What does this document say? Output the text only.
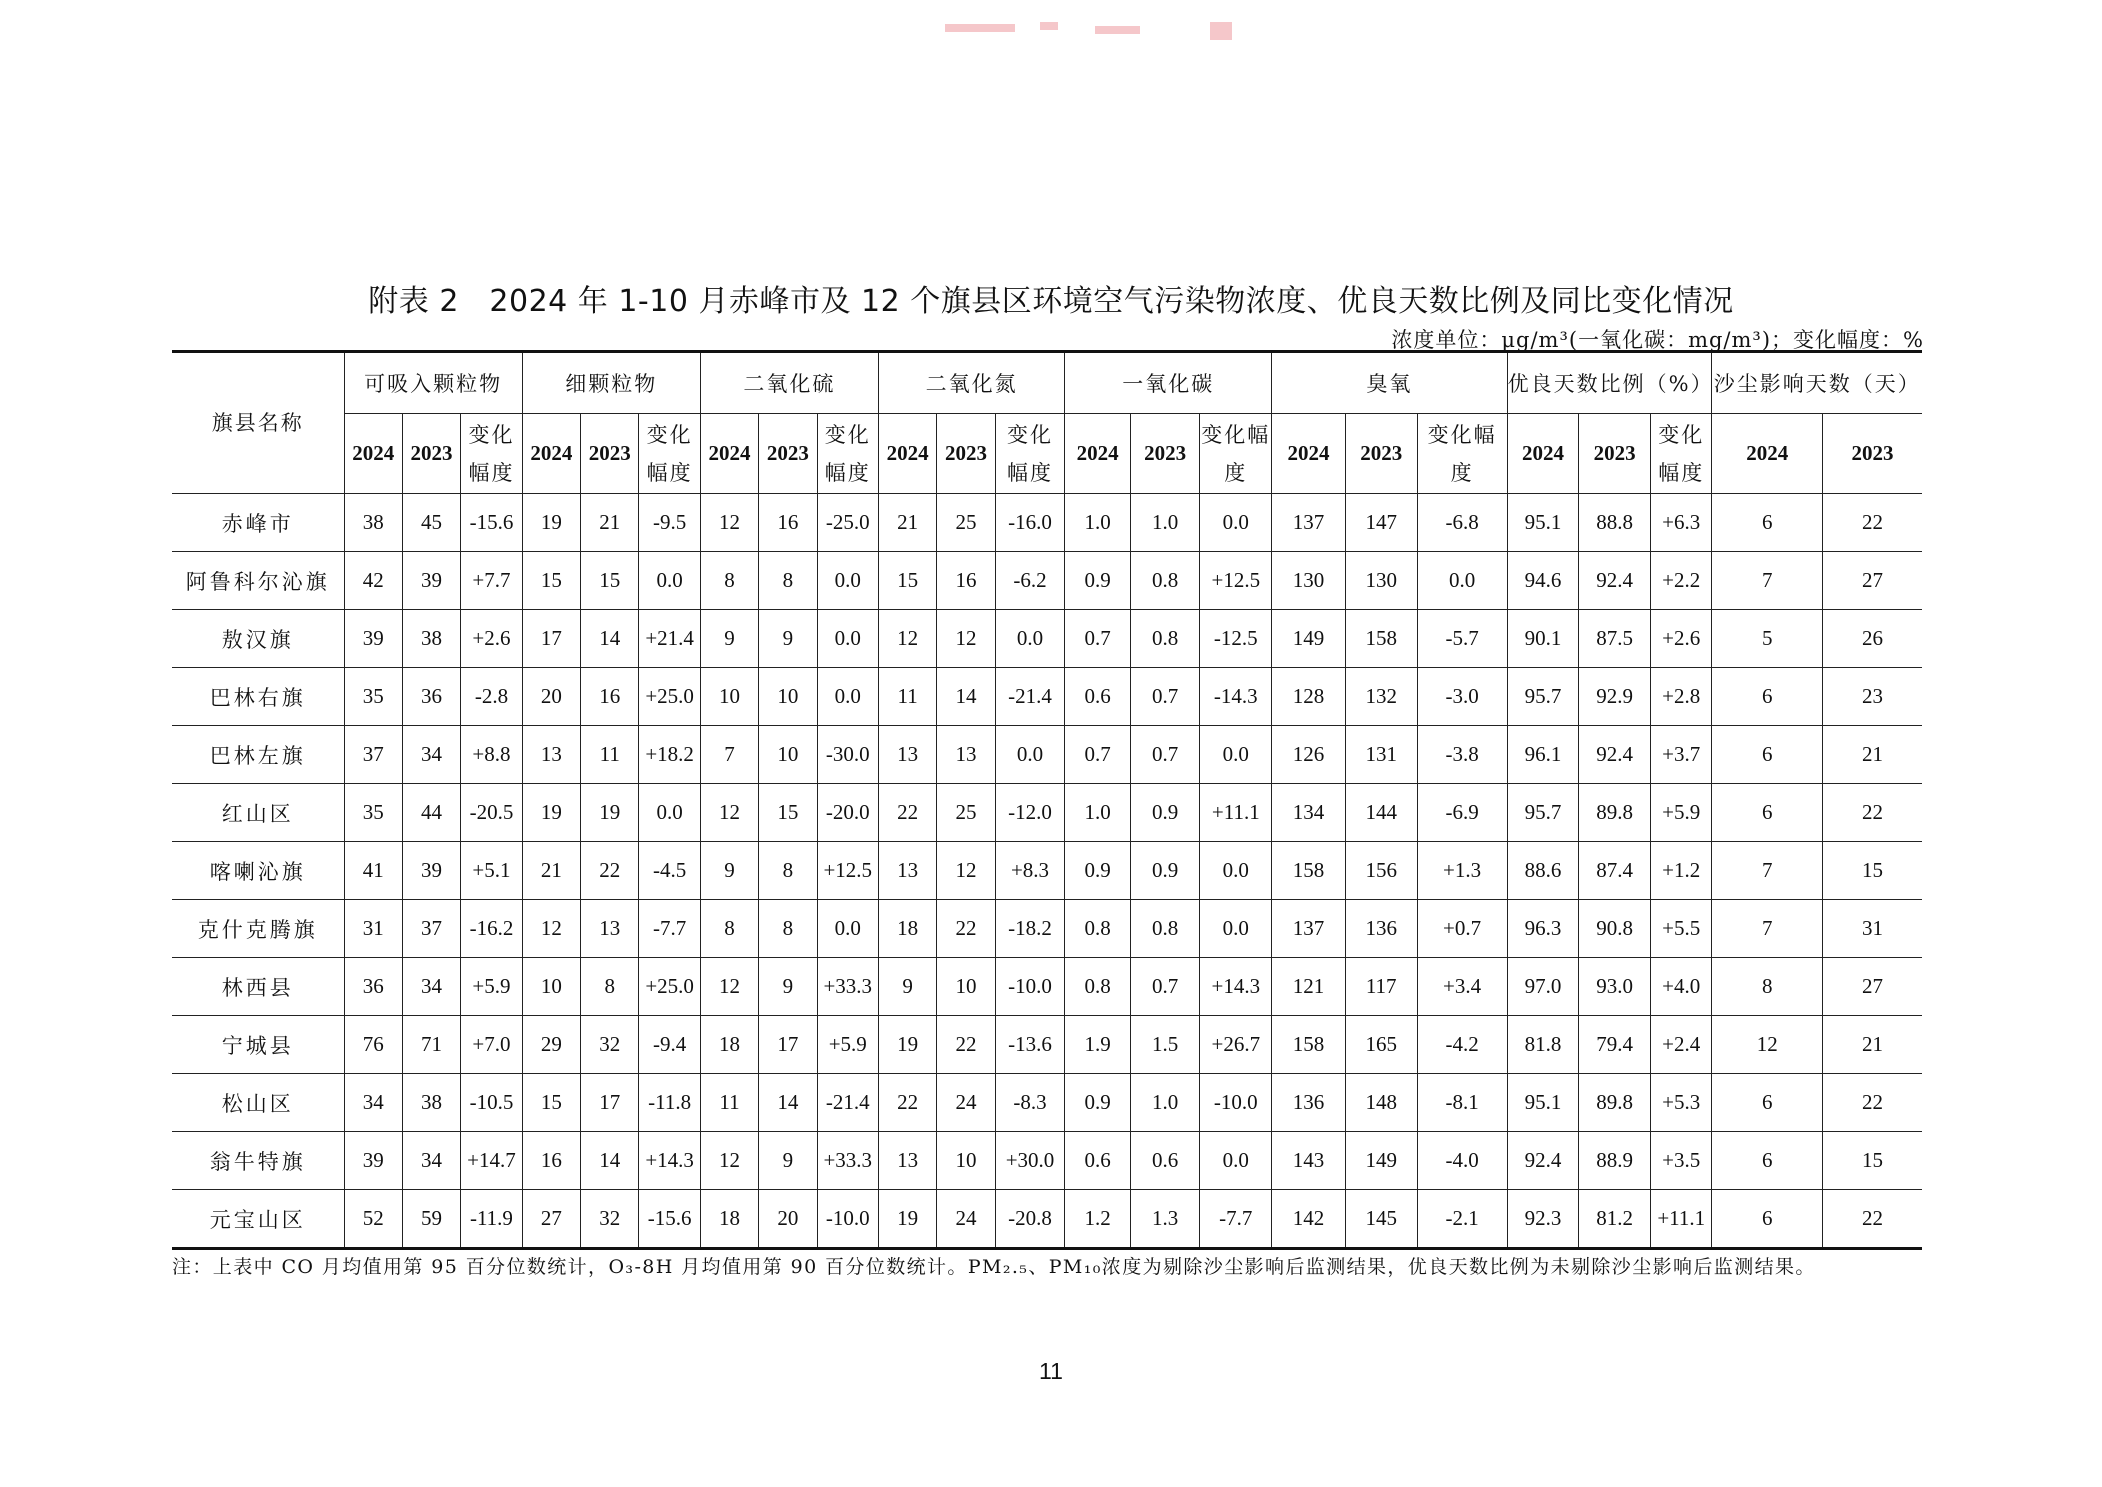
附表 2　2024 年 1-10 月赤峰市及 12 个旗县区环境空气污染物浓度、优良天数比例及同比变化情况
浓度单位：μg/m³(一氧化碳：mg/m³)；变化幅度：%
旗县名称	可吸入颗粒物			细颗粒物			二氧化硫			二氧化氮			一氧化碳			臭氧			优良天数比例（%）			沙尘影响天数（天）	
	2024	2023	变化幅度	2024	2023	变化幅度	2024	2023	变化幅度	2024	2023	变化幅度	2024	2023	变化幅度	2024	2023	变化幅度	2024	2023	变化幅度	2024	2023
赤峰市	38	45	-15.6	19	21	-9.5	12	16	-25.0	21	25	-16.0	1.0	1.0	0.0	137	147	-6.8	95.1	88.8	+6.3	6	22
阿鲁科尔沁旗	42	39	+7.7	15	15	0.0	8	8	0.0	15	16	-6.2	0.9	0.8	+12.5	130	130	0.0	94.6	92.4	+2.2	7	27
敖汉旗	39	38	+2.6	17	14	+21.4	9	9	0.0	12	12	0.0	0.7	0.8	-12.5	149	158	-5.7	90.1	87.5	+2.6	5	26
巴林右旗	35	36	-2.8	20	16	+25.0	10	10	0.0	11	14	-21.4	0.6	0.7	-14.3	128	132	-3.0	95.7	92.9	+2.8	6	23
巴林左旗	37	34	+8.8	13	11	+18.2	7	10	-30.0	13	13	0.0	0.7	0.7	0.0	126	131	-3.8	96.1	92.4	+3.7	6	21
红山区	35	44	-20.5	19	19	0.0	12	15	-20.0	22	25	-12.0	1.0	0.9	+11.1	134	144	-6.9	95.7	89.8	+5.9	6	22
喀喇沁旗	41	39	+5.1	21	22	-4.5	9	8	+12.5	13	12	+8.3	0.9	0.9	0.0	158	156	+1.3	88.6	87.4	+1.2	7	15
克什克腾旗	31	37	-16.2	12	13	-7.7	8	8	0.0	18	22	-18.2	0.8	0.8	0.0	137	136	+0.7	96.3	90.8	+5.5	7	31
林西县	36	34	+5.9	10	8	+25.0	12	9	+33.3	9	10	-10.0	0.8	0.7	+14.3	121	117	+3.4	97.0	93.0	+4.0	8	27
宁城县	76	71	+7.0	29	32	-9.4	18	17	+5.9	19	22	-13.6	1.9	1.5	+26.7	158	165	-4.2	81.8	79.4	+2.4	12	21
松山区	34	38	-10.5	15	17	-11.8	11	14	-21.4	22	24	-8.3	0.9	1.0	-10.0	136	148	-8.1	95.1	89.8	+5.3	6	22
翁牛特旗	39	34	+14.7	16	14	+14.3	12	9	+33.3	13	10	+30.0	0.6	0.6	0.0	143	149	-4.0	92.4	88.9	+3.5	6	15
元宝山区	52	59	-11.9	27	32	-15.6	18	20	-10.0	19	24	-20.8	1.2	1.3	-7.7	142	145	-2.1	92.3	81.2	+11.1	6	22
注：上表中 CO 月均值用第 95 百分位数统计，O₃-8H 月均值用第 90 百分位数统计。PM₂.₅、PM₁₀浓度为剔除沙尘影响后监测结果，优良天数比例为未剔除沙尘影响后监测结果。
11
